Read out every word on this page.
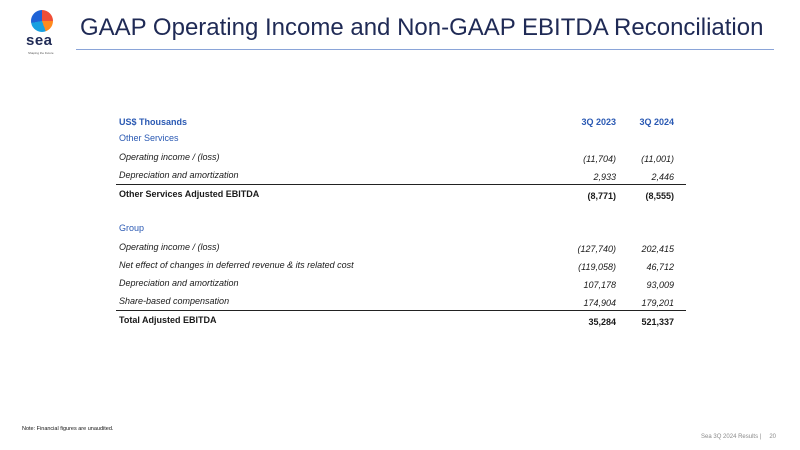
sea
Shaping the Future
GAAP Operating Income and Non-GAAP EBITDA Reconciliation
US$ Thousands	3Q 2023	3Q 2024
Other Services
Operating income / (loss)	(11,704)	(11,001)
Depreciation and amortization	2,933	2,446
Other Services Adjusted EBITDA	(8,771)	(8,555)
Group
Operating income / (loss)	(127,740)	202,415
Net effect of changes in deferred revenue & its related cost	(119,058)	46,712
Depreciation and amortization	107,178	93,009
Share-based compensation	174,904	179,201
Total Adjusted EBITDA	35,284	521,337
Note: Financial figures are unaudited.
Sea 3Q 2024 Results | 20
